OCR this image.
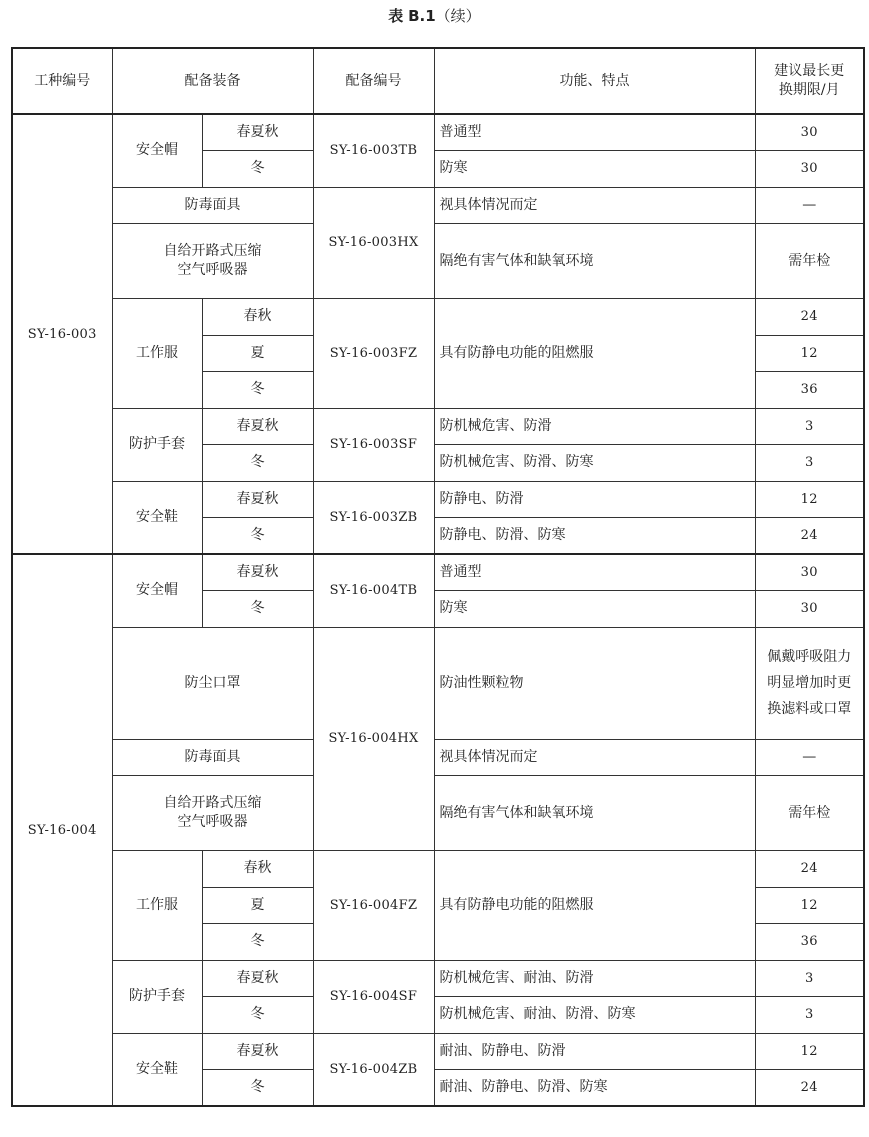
表 B.1（续）
工种编号	配备装备		配备编号	功能、特点	建议最长更
换期限/月

SY-16-003	安全帽	春夏秋	SY-16-003TB	普通型	30
		冬		防寒	30
	防毒面具		SY-16-003HX	视具体情况而定	—

	自给开路式压缩
空气呼吸器			隔绝有害气体和缺氧环境	需年检
	工作服	春秋	SY-16-003FZ	具有防静电功能的阻燃服	24
		夏			12
		冬			36
	防护手套	春夏秋	SY-16-003SF	防机械危害、防滑	3
		冬		防机械危害、防滑、防寒	3
	安全鞋	春夏秋	SY-16-003ZB	防静电、防滑	12
		冬		防静电、防滑、防寒	24

SY-16-004	安全帽	春夏秋	SY-16-004TB	普通型	30
		冬		防寒	30
	防尘口罩		SY-16-004HX	防油性颗粒物	佩戴呼吸阻力
明显增加时更
换滤料或口罩

	防毒面具			视具体情况而定	—

	自给开路式压缩
空气呼吸器			隔绝有害气体和缺氧环境	需年检
	工作服	春秋	SY-16-004FZ	具有防静电功能的阻燃服	24
		夏			12
		冬			36
	防护手套	春夏秋	SY-16-004SF	防机械危害、耐油、防滑	3
		冬		防机械危害、耐油、防滑、防寒	3
	安全鞋	春夏秋	SY-16-004ZB	耐油、防静电、防滑	12
		冬		耐油、防静电、防滑、防寒	24
